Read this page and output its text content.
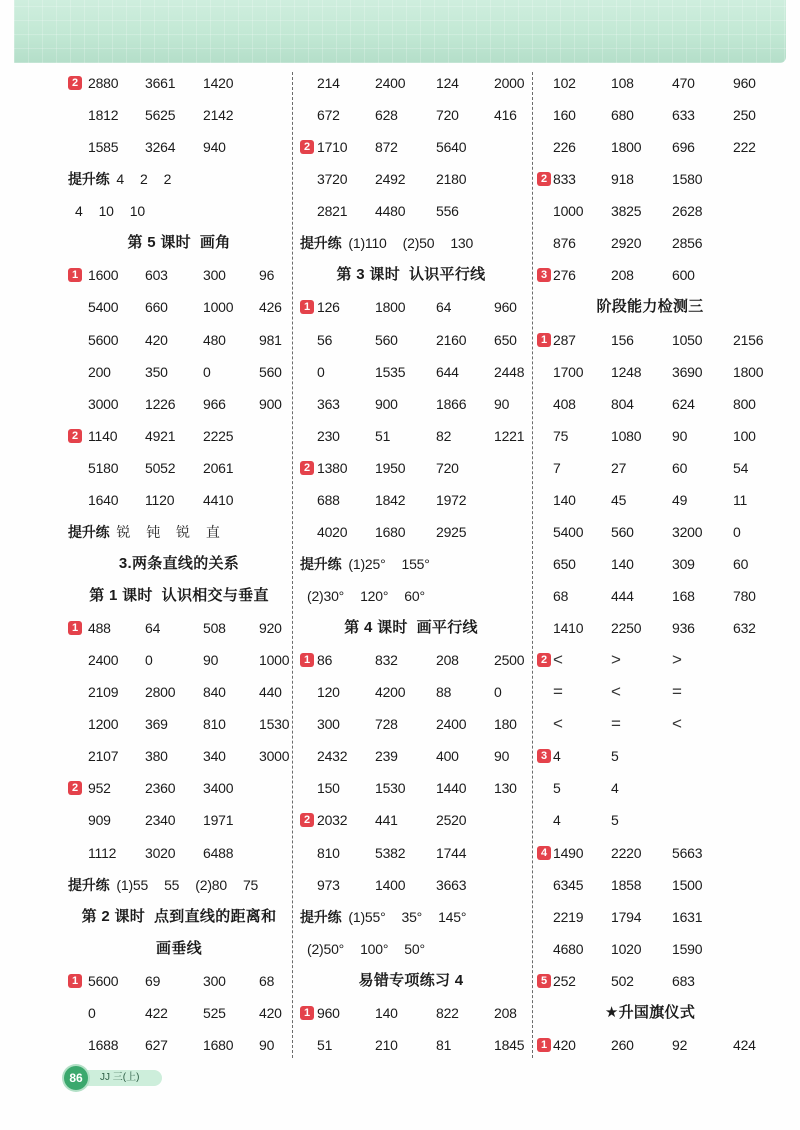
2 2880 3661 1420
1812 5625 2142
1585 3264 940
提升练 4 2 2
4 10 10
第 5 课时  画角
1 1600 603	300 96
5400 660	1000 426
5600 420	480 981
200 350	0	560
3000 1226 966 900
2 1140 4921 2225
5180 5052 2061
1640 1120 4410
提升练 锐 钝 锐 直
3.两条直线的关系
第 1 课时  认识相交与垂直
1 488 64	508 920
2400 0	90	1000
2109 2800 840 440
1200 369	810 1530
2107 380	340 3000
2 952 2360 3400
909 2340 1971
1112 3020 6488
提升练 (1)55 55 (2)80 75
第 2 课时  点到直线的距离和
画垂线
1 5600 69	300 68
0	422	525 420
1688 627	1680 90
214	2400 124	2000
672	628	720	416
2 1710 872	5640
3720 2492 2180
2821 4480 556
提升练 (1)110 (2)50 130
第 3 课时  认识平行线
1 126	1800 64	960
56	560	2160 650
0	1535 644	2448
363	900	1866 90
230	51	82	1221
2 1380 1950 720
688	1842 1972
4020 1680 2925
提升练 (1)25° 155°
(2)30° 120° 60°
第 4 课时  画平行线
1 86	832	208	2500
120	4200 88	0
300	728	2400 180
2432 239	400	90
150	1530 1440 130
2 2032 441	2520
810	5382 1744
973	1400 3663
提升练 (1)55° 35° 145°
(2)50° 100° 50°
易错专项练习 4
1 960	140	822	208
51	210	81	1845
102	108	470	960
160	680	633	250
226	1800 696	222
2 833	918	1580
1000 3825 2628
876	2920 2856
3 276	208	600
阶段能力检测三
1 287	156	1050 2156
1700 1248 3690 1800
408	804	624	800
75	1080 90	100
7	27	60	54
140	45	49	11
5400 560	3200 0
650	140	309	60
68	444	168	780
1410 2250 936	632
2 <	>	>
=	<	=
<	=	<
3 4	5
5	4
4	5
4 1490 2220 5663
6345 1858 1500
2219 1794 1631
4680 1020 1590
5 252	502	683
★升国旗仪式
1 420	260	92	424
86	JJ 三(上)
